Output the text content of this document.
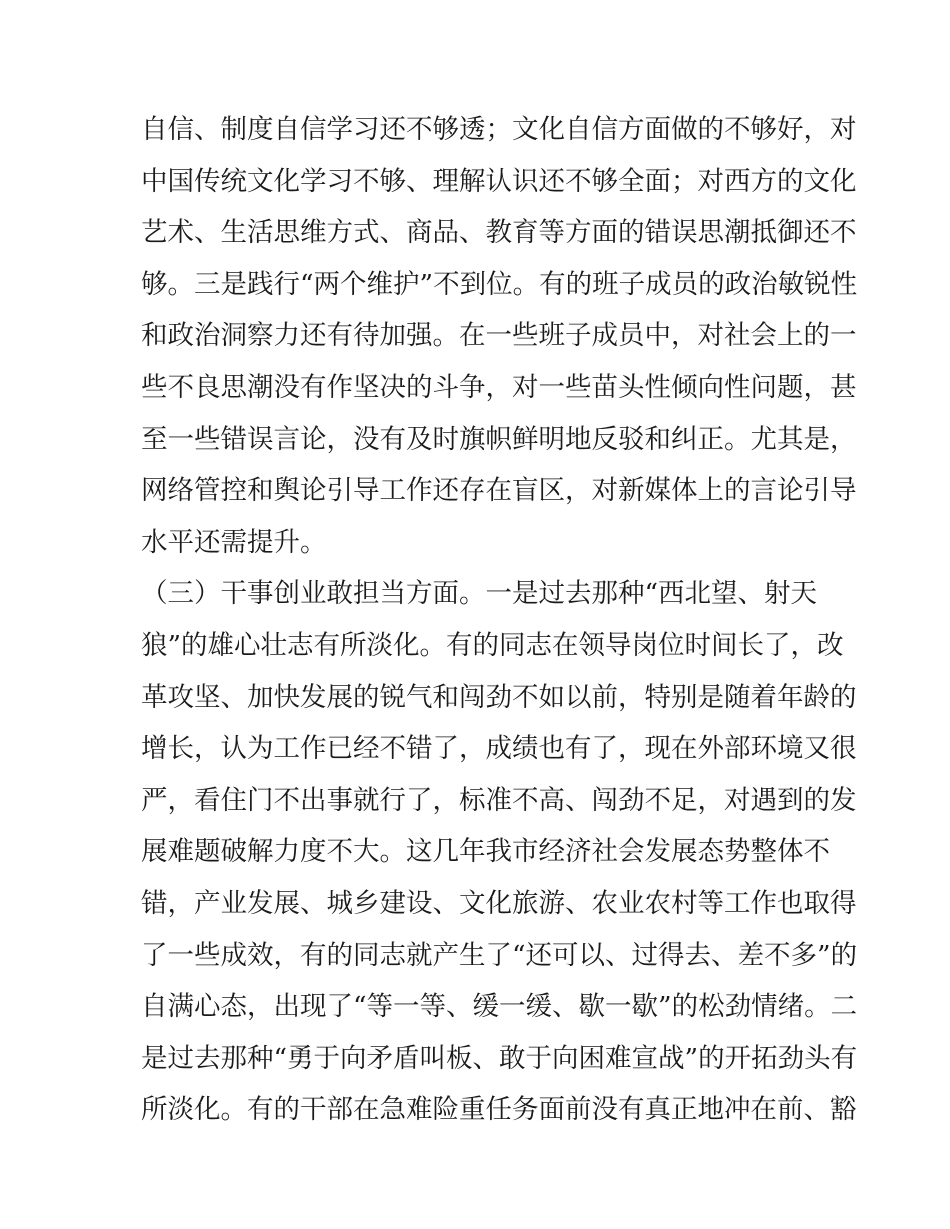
自信、制度自信学习还不够透；文化自信方面做的不够好，对
中国传统文化学习不够、理解认识还不够全面；对西方的文化
艺术、生活思维方式、商品、教育等方面的错误思潮抵御还不
够。三是践行“两个维护”不到位。有的班子成员的政治敏锐性
和政治洞察力还有待加强。在一些班子成员中，对社会上的一
些不良思潮没有作坚决的斗争，对一些苗头性倾向性问题，甚
至一些错误言论，没有及时旗帜鲜明地反驳和纠正。尤其是，
网络管控和舆论引导工作还存在盲区，对新媒体上的言论引导
水平还需提升。
（三）干事创业敢担当方面。一是过去那种“西北望、射天
狼”的雄心壮志有所淡化。有的同志在领导岗位时间长了，改
革攻坚、加快发展的锐气和闯劲不如以前，特别是随着年龄的
增长，认为工作已经不错了，成绩也有了，现在外部环境又很
严，看住门不出事就行了，标准不高、闯劲不足，对遇到的发
展难题破解力度不大。这几年我市经济社会发展态势整体不
错，产业发展、城乡建设、文化旅游、农业农村等工作也取得
了一些成效，有的同志就产生了“还可以、过得去、差不多”的
自满心态，出现了“等一等、缓一缓、歇一歇”的松劲情绪。二
是过去那种“勇于向矛盾叫板、敢于向困难宣战”的开拓劲头有
所淡化。有的干部在急难险重任务面前没有真正地冲在前、豁
